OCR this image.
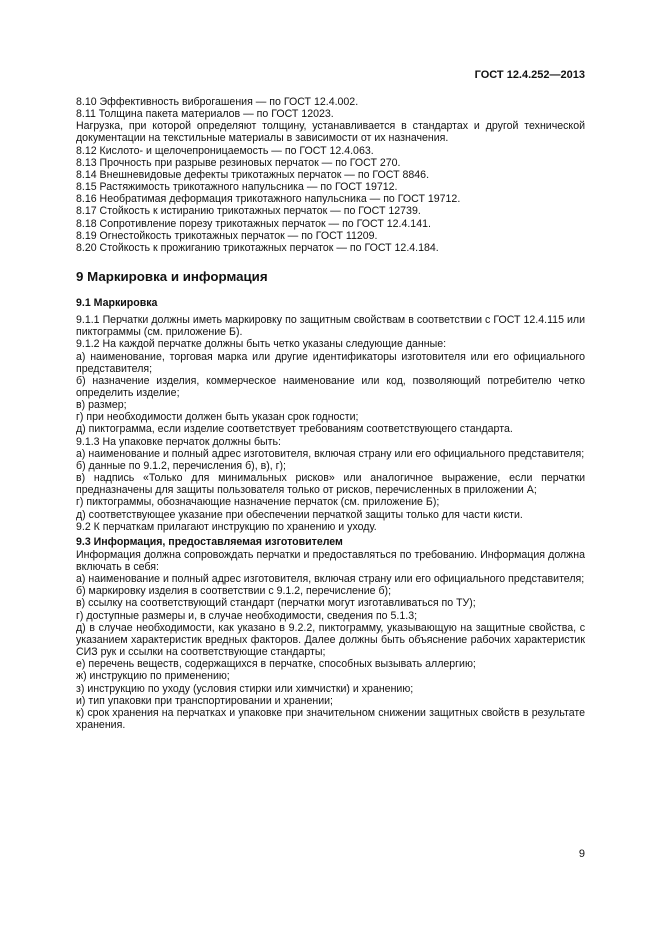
ГОСТ 12.4.252—2013

8.10 Эффективность виброгашения — по ГОСТ 12.4.002.

8.11 Толщина пакета материалов — по ГОСТ 12023.

Нагрузка, при которой определяют толщину, устанавливается в стандартах и другой технической документации на текстильные материалы в зависимости от их назначения.

8.12 Кислото- и щелочепроницаемость — по ГОСТ 12.4.063.

8.13 Прочность при разрыве резиновых перчаток — по ГОСТ 270.

8.14 Внешневидовые дефекты трикотажных перчаток — по ГОСТ 8846.

8.15 Растяжимость трикотажного напульсника — по ГОСТ 19712.

8.16 Необратимая деформация трикотажного напульсника — по ГОСТ 19712.

8.17 Стойкость к истиранию трикотажных перчаток — по ГОСТ 12739.

8.18 Сопротивление порезу трикотажных перчаток — по ГОСТ 12.4.141.

8.19 Огнестойкость трикотажных перчаток — по ГОСТ 11209.

8.20 Стойкость к прожиганию трикотажных перчаток — по ГОСТ 12.4.184.

9 Маркировка и информация
9.1 Маркировка

9.1.1 Перчатки должны иметь маркировку по защитным свойствам в соответствии с ГОСТ 12.4.115 или пиктограммы (см. приложение Б).

9.1.2 На каждой перчатке должны быть четко указаны следующие данные:

а) наименование, торговая марка или другие идентификаторы изготовителя или его официального представителя;

б) назначение изделия, коммерческое наименование или код, позволяющий потребителю четко определить изделие;

в) размер;

г) при необходимости должен быть указан срок годности;

д) пиктограмма, если изделие соответствует требованиям соответствующего стандарта.

9.1.3 На упаковке перчаток должны быть:

а) наименование и полный адрес изготовителя, включая страну или его официального представителя;

б) данные по 9.1.2, перечисления б), в), г);

в) надпись «Только для минимальных рисков» или аналогичное выражение, если перчатки предназначены для защиты пользователя только от рисков, перечисленных в приложении А;

г) пиктограммы, обозначающие назначение перчаток (см. приложение Б);

д) соответствующее указание при обеспечении перчаткой защиты только для части кисти.

9.2 К перчаткам прилагают инструкцию по хранению и уходу.

9.3 Информация, предоставляемая изготовителем

Информация должна сопровождать перчатки и предоставляться по требованию. Информация должна включать в себя:

а) наименование и полный адрес изготовителя, включая страну или его официального представителя;

б) маркировку изделия в соответствии с 9.1.2, перечисление б);

в) ссылку на соответствующий стандарт (перчатки могут изготавливаться по ТУ);

г) доступные размеры и, в случае необходимости, сведения по 5.1.3;

д) в случае необходимости, как указано в 9.2.2, пиктограмму, указывающую на защитные свойства, с указанием характеристик вредных факторов. Далее должны быть объяснение рабочих характеристик СИЗ рук и ссылки на соответствующие стандарты;

е) перечень веществ, содержащихся в перчатке, способных вызывать аллергию;

ж) инструкцию по применению;

з) инструкцию по уходу (условия стирки или химчистки) и хранению;

и) тип упаковки при транспортировании и хранении;

к) срок хранения на перчатках и упаковке при значительном снижении защитных свойств в результате хранения.

9
